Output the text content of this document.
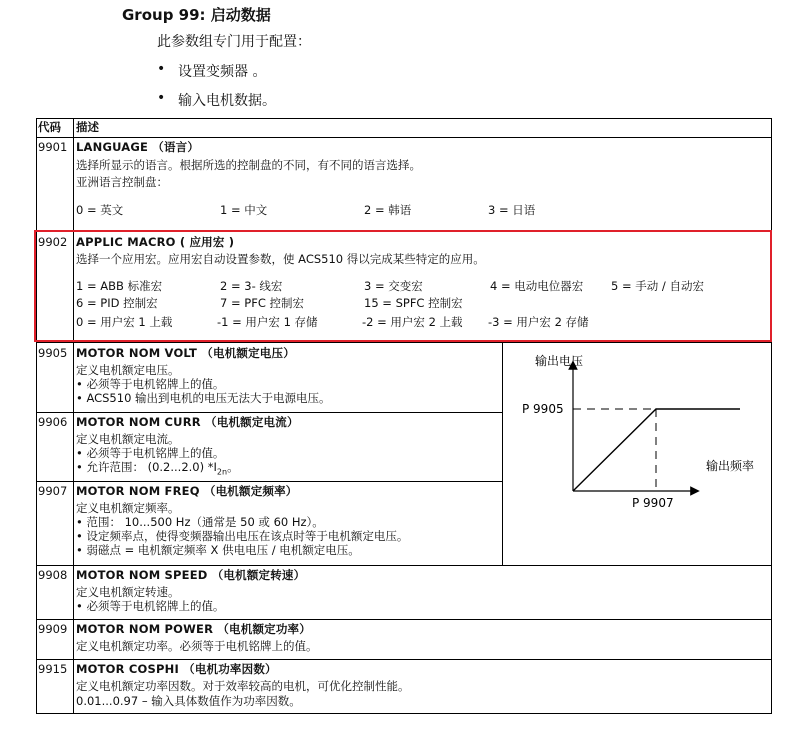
Group 99: 启动数据
此参数组专门用于配置：
• 设置变频器 。
• 输入电机数据。
代码 描述
9901 LANGUAGE （语言）
选择所显示的语言。根据所选的控制盘的不同，有不同的语言选择。
亚洲语言控制盘：
0 = 英文	1 = 中文	2 = 韩语	3 = 日语
9902 APPLIC MACRO ( 应用宏 )
选择一个应用宏。应用宏自动设置参数，使 ACS510 得以完成某些特定的应用。
1 = ABB 标准宏	2 = 3- 线宏	3 = 交变宏	4 = 电动电位器宏 5 = 手动 / 自动宏
6 = PID 控制宏	7 = PFC 控制宏	15 = SPFC 控制宏
0 = 用户宏 1 上载	-1 = 用户宏 1 存储	-2 = 用户宏 2 上载 -3 = 用户宏 2 存储
9905 MOTOR NOM VOLT （电机额定电压）
定义电机额定电压。
• 必须等于电机铭牌上的值。
• ACS510 输出到电机的电压无法大于电源电压。
9906 MOTOR NOM CURR （电机额定电流）
定义电机额定电流。
• 必须等于电机铭牌上的值。
• 允许范围： (0.2...2.0) $*I_{2n}$。
9907 MOTOR NOM FREQ （电机额定频率）
定义电机额定频率。
• 范围： 10...500 Hz（通常是 50 或 60 Hz）。
• 设定频率点，使得变频器输出电压在该点时等于电机额定电压。
• 弱磁点 = 电机额定频率 X 供电电压 / 电机额定电压。
9908 MOTOR NOM SPEED （电机额定转速）
定义电机额定转速。
• 必须等于电机铭牌上的值。
9909 MOTOR NOM POWER （电机额定功率）
定义电机额定功率。必须等于电机铭牌上的值。
9915 MOTOR COSPHI （电机功率因数）
定义电机额定功率因数。对于效率较高的电机，可优化控制性能。
0.01...0.97 – 输入具体数值作为功率因数。
输出电压
输出频率
P 9905
P 9907
